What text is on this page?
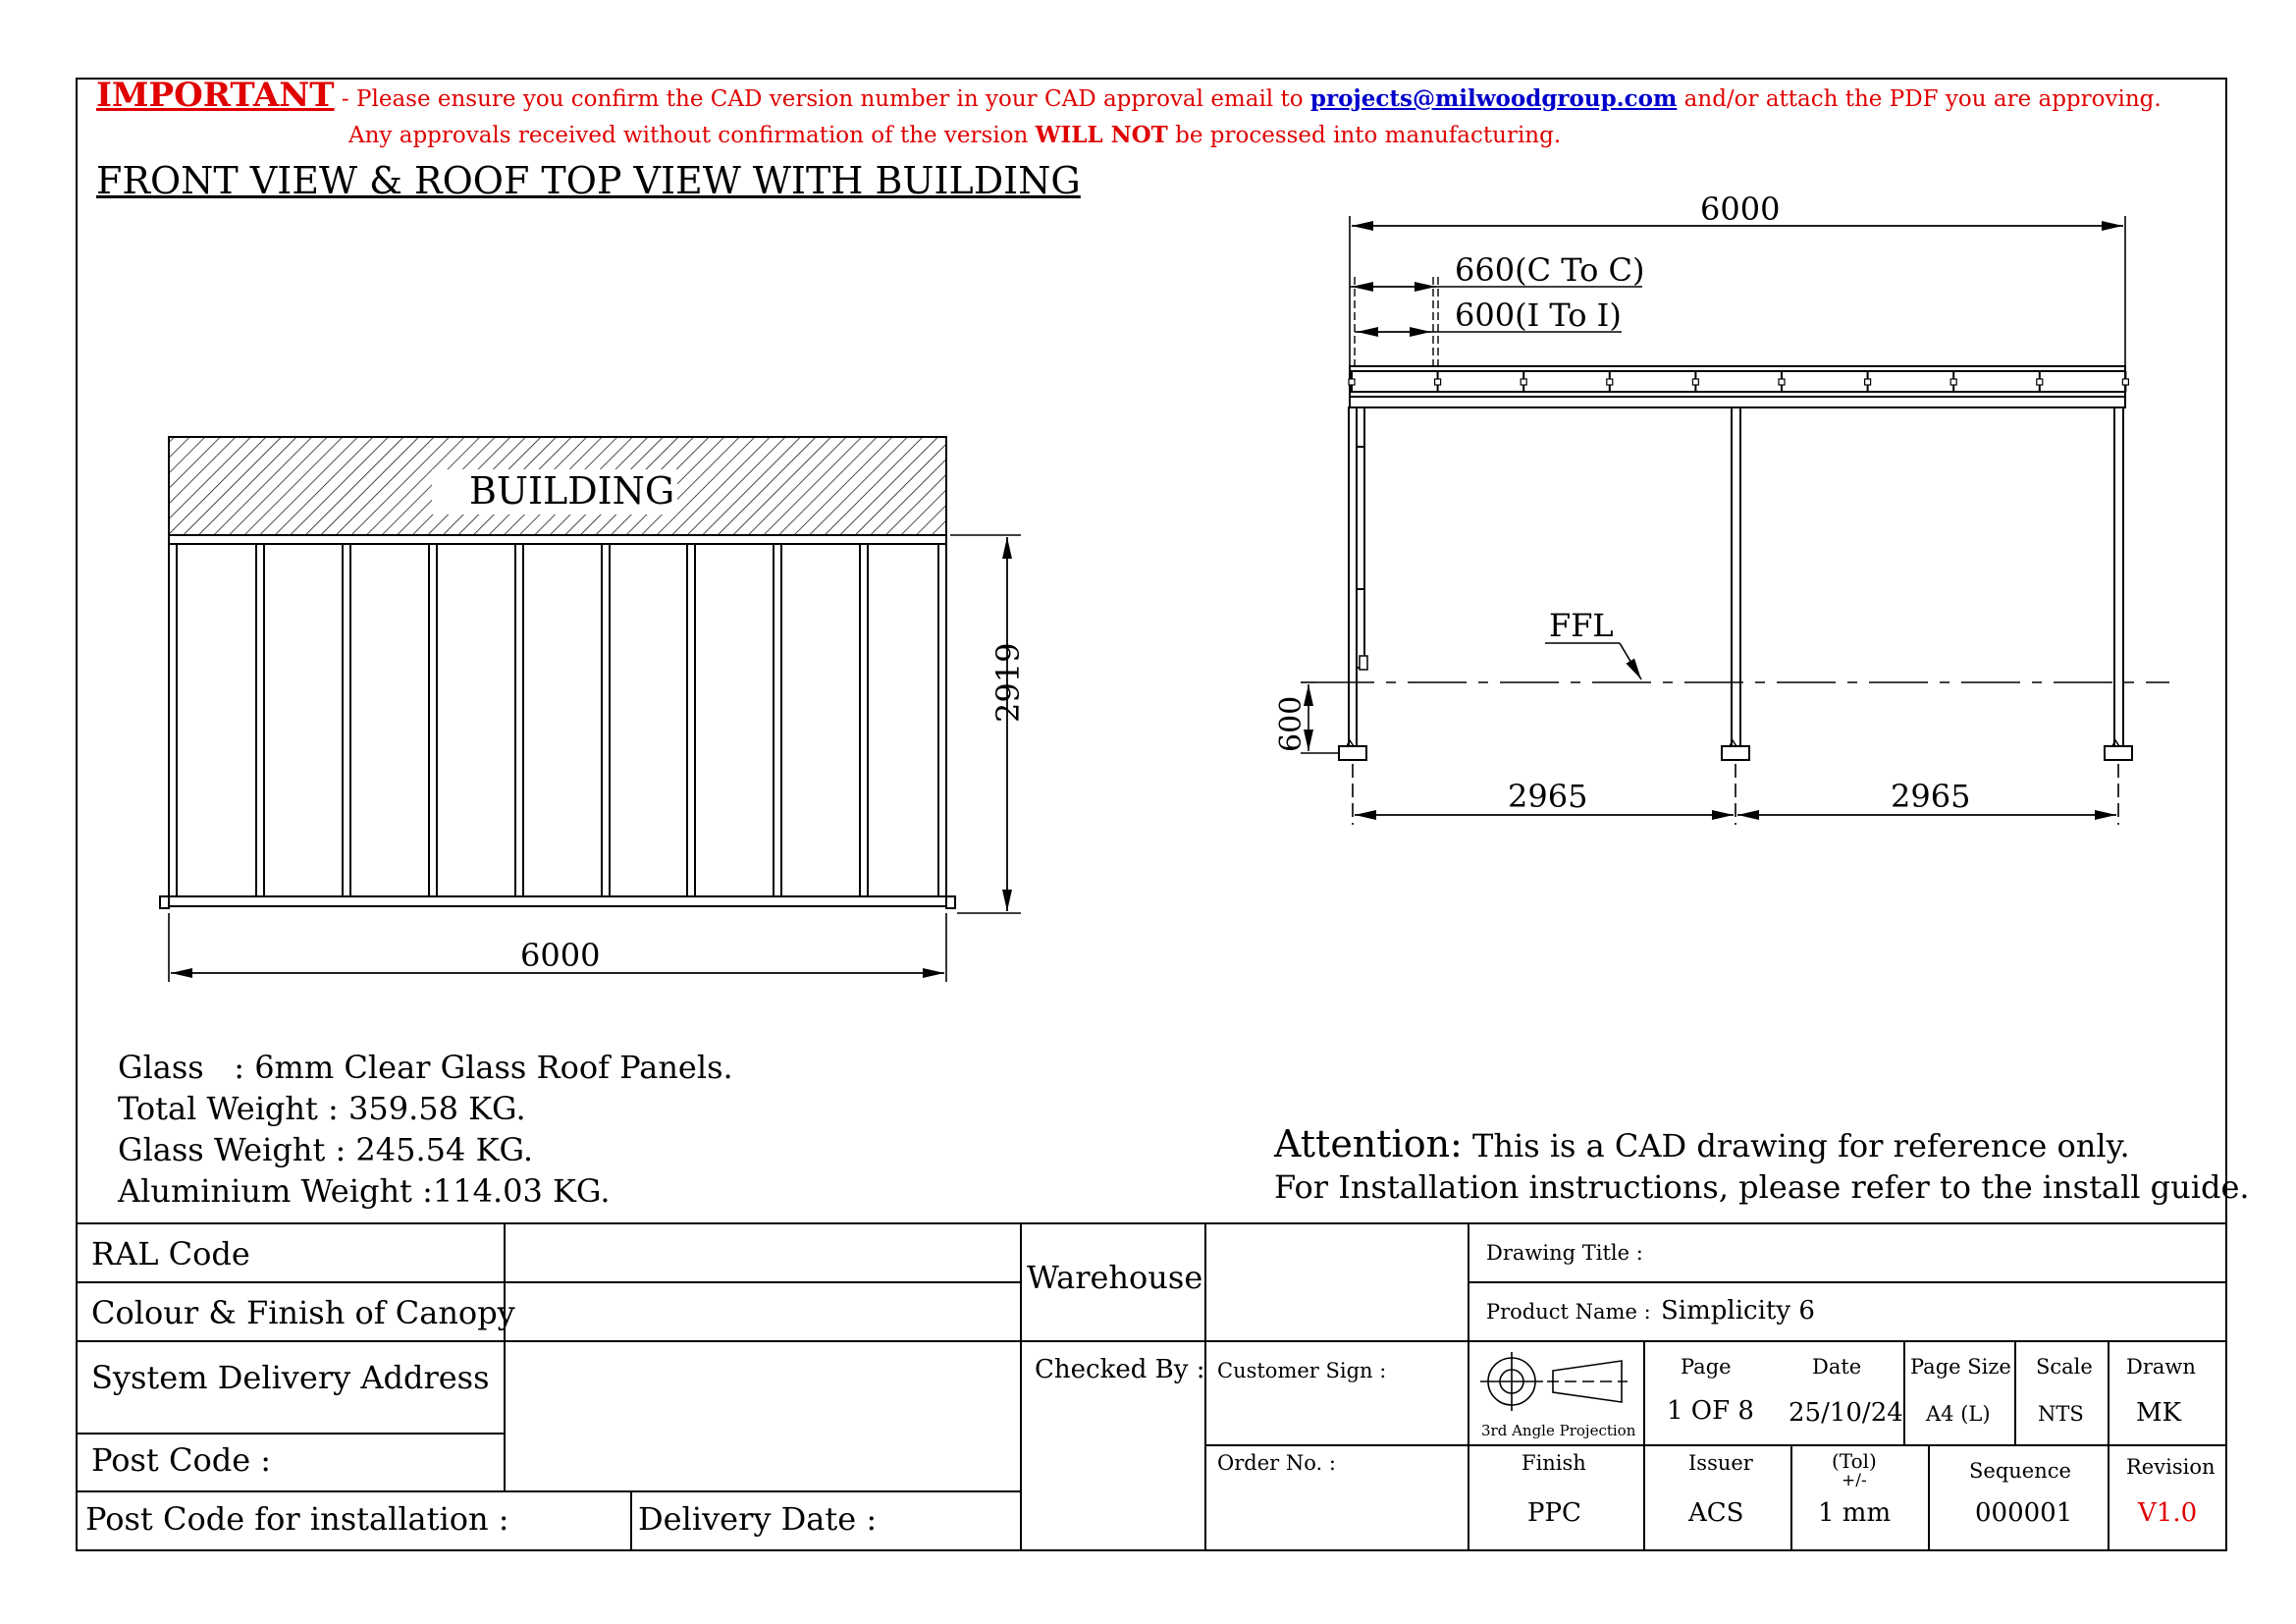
IMPORTANT - Please ensure you confirm the CAD version number in your CAD approval email to projects@milwoodgroup.com and/or attach the PDF you are approving.
Any approvals received without confirmation of the version WILL NOT be processed into manufacturing.
FRONT VIEW & ROOF TOP VIEW WITH BUILDING
BUILDING
2919
6000
6000
660(C To C)
600(I To I)
FFL
600
2965	2965
Glass   : 6mm Clear Glass Roof Panels.
Total Weight : 359.58 KG.
Glass Weight : 245.54 KG.
Aluminium Weight :114.03 KG.
Attention: This is a CAD drawing for reference only.
For Installation instructions, please refer to the install guide.
RAL Code
Colour & Finish of Canopy
System Delivery Address
Post Code :
Post Code for installation :	Delivery Date :
Warehouse
Checked By : Customer Sign :
Order No. :
Drawing Title :
Product Name : Simplicity 6
3rd Angle Projection
Page
1 OF 8
Date
25/10/24
Page Size
A4 (L)
Scale
NTS
Drawn
MK
Finish
PPC
Issuer
ACS
(Tol)
+/-
1 mm
Sequence
000001
Revision
V1.0
